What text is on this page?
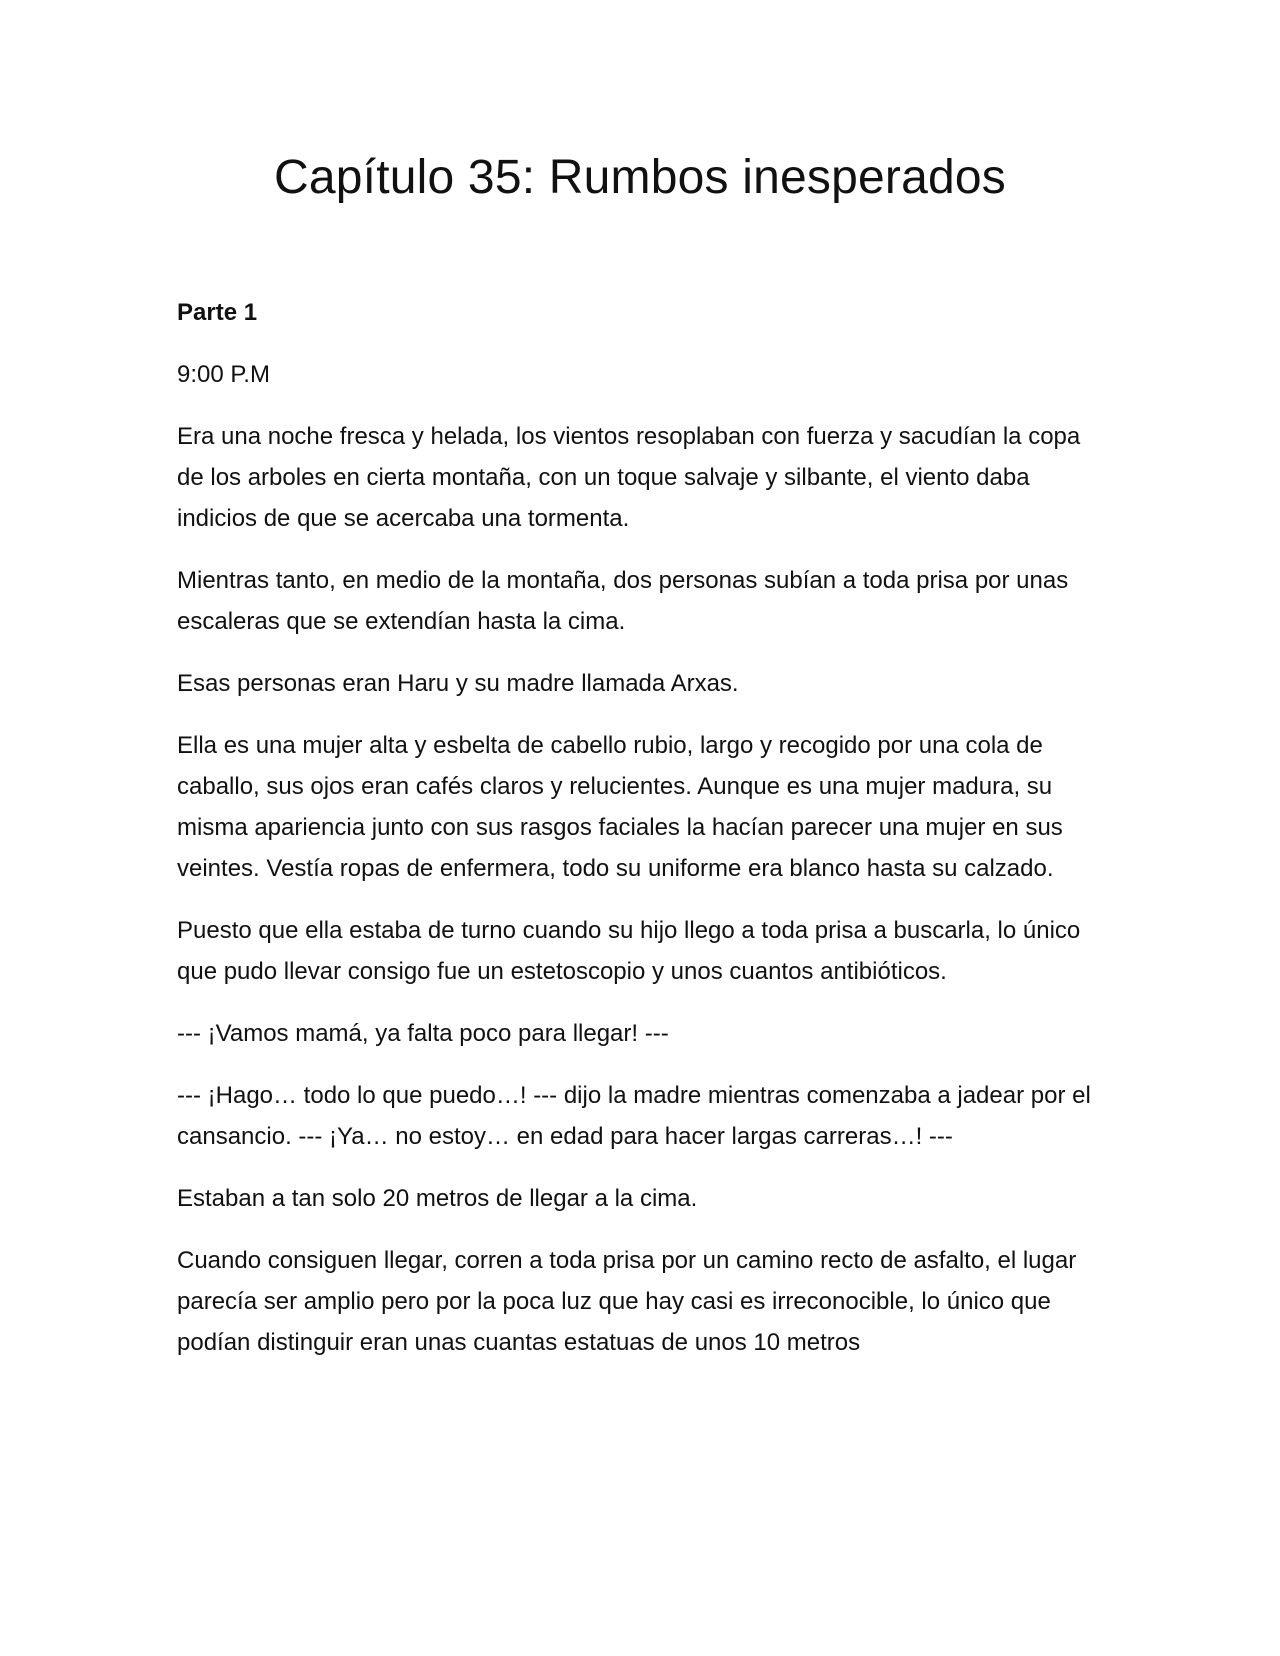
Capítulo 35: Rumbos inesperados

Parte 1

9:00 P.M

Era una noche fresca y helada, los vientos resoplaban con fuerza y sacudían la copa de los arboles en cierta montaña, con un toque salvaje y silbante, el viento daba indicios de que se acercaba una tormenta.

Mientras tanto, en medio de la montaña, dos personas subían a toda prisa por unas escaleras que se extendían hasta la cima.

Esas personas eran Haru y su madre llamada Arxas.

Ella es una mujer alta y esbelta de cabello rubio, largo y recogido por una cola de caballo, sus ojos eran cafés claros y relucientes. Aunque es una mujer madura, su misma apariencia junto con sus rasgos faciales la hacían parecer una mujer en sus veintes. Vestía ropas de enfermera, todo su uniforme era blanco hasta su calzado.

Puesto que ella estaba de turno cuando su hijo llego a toda prisa a buscarla, lo único que pudo llevar consigo fue un estetoscopio y unos cuantos antibióticos.

--- ¡Vamos mamá, ya falta poco para llegar! ---

--- ¡Hago… todo lo que puedo…! --- dijo la madre mientras comenzaba a jadear por el cansancio. --- ¡Ya… no estoy… en edad para hacer largas carreras…! ---

Estaban a tan solo 20 metros de llegar a la cima.

Cuando consiguen llegar, corren a toda prisa por un camino recto de asfalto, el lugar parecía ser amplio pero por la poca luz que hay casi es irreconocible, lo único que podían distinguir eran unas cuantas estatuas de unos 10 metros
